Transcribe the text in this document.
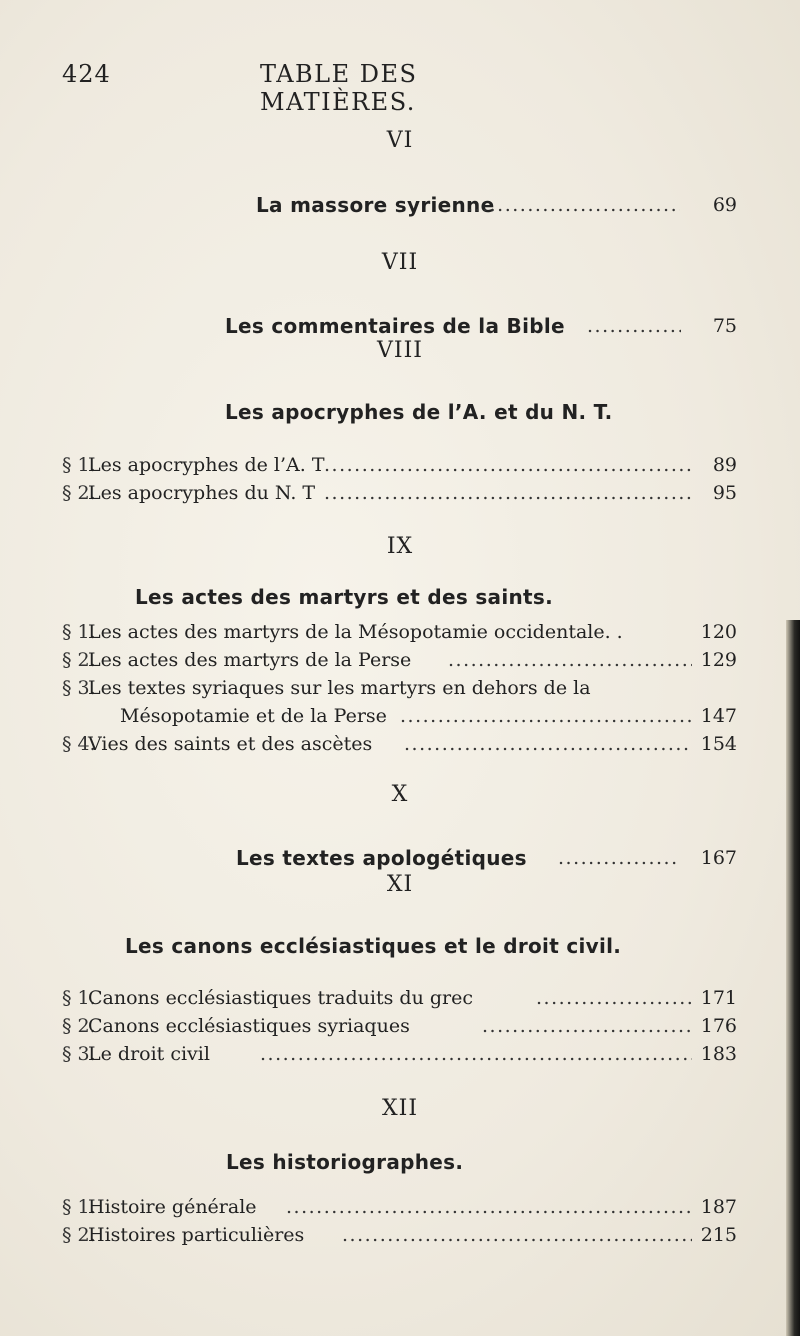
424	TABLE DES MATIÈRES.
VI
La massore syrienne .....	69
VII
Les commentaires de la Bible .....	75
VIII
Les apocryphes de l’A. et du N. T.
§ 1.
Les apocryphes de l’A. T .....	89
§ 2.
Les apocryphes du N. T .....	95
IX
Les actes des martyrs et des saints.
§ 1.
Les actes des martyrs de la Mésopotamie occidentale. .	120
§ 2.
Les actes des martyrs de la Perse .....	129
§ 3.
Les textes syriaques sur les martyrs en dehors de la
Mésopotamie et de la Perse .....	147
§ 4.
Vies des saints et des ascètes .....	154
X
Les textes apologétiques .....	167
XI
Les canons ecclésiastiques et le droit civil.
§ 1.
Canons ecclésiastiques traduits du grec .....	171
§ 2.
Canons ecclésiastiques syriaques .....	176
§ 3.
Le droit civil .....	183
XII
Les historiographes.
§ 1.
Histoire générale .....	187
§ 2.
Histoires particulières .....	215
